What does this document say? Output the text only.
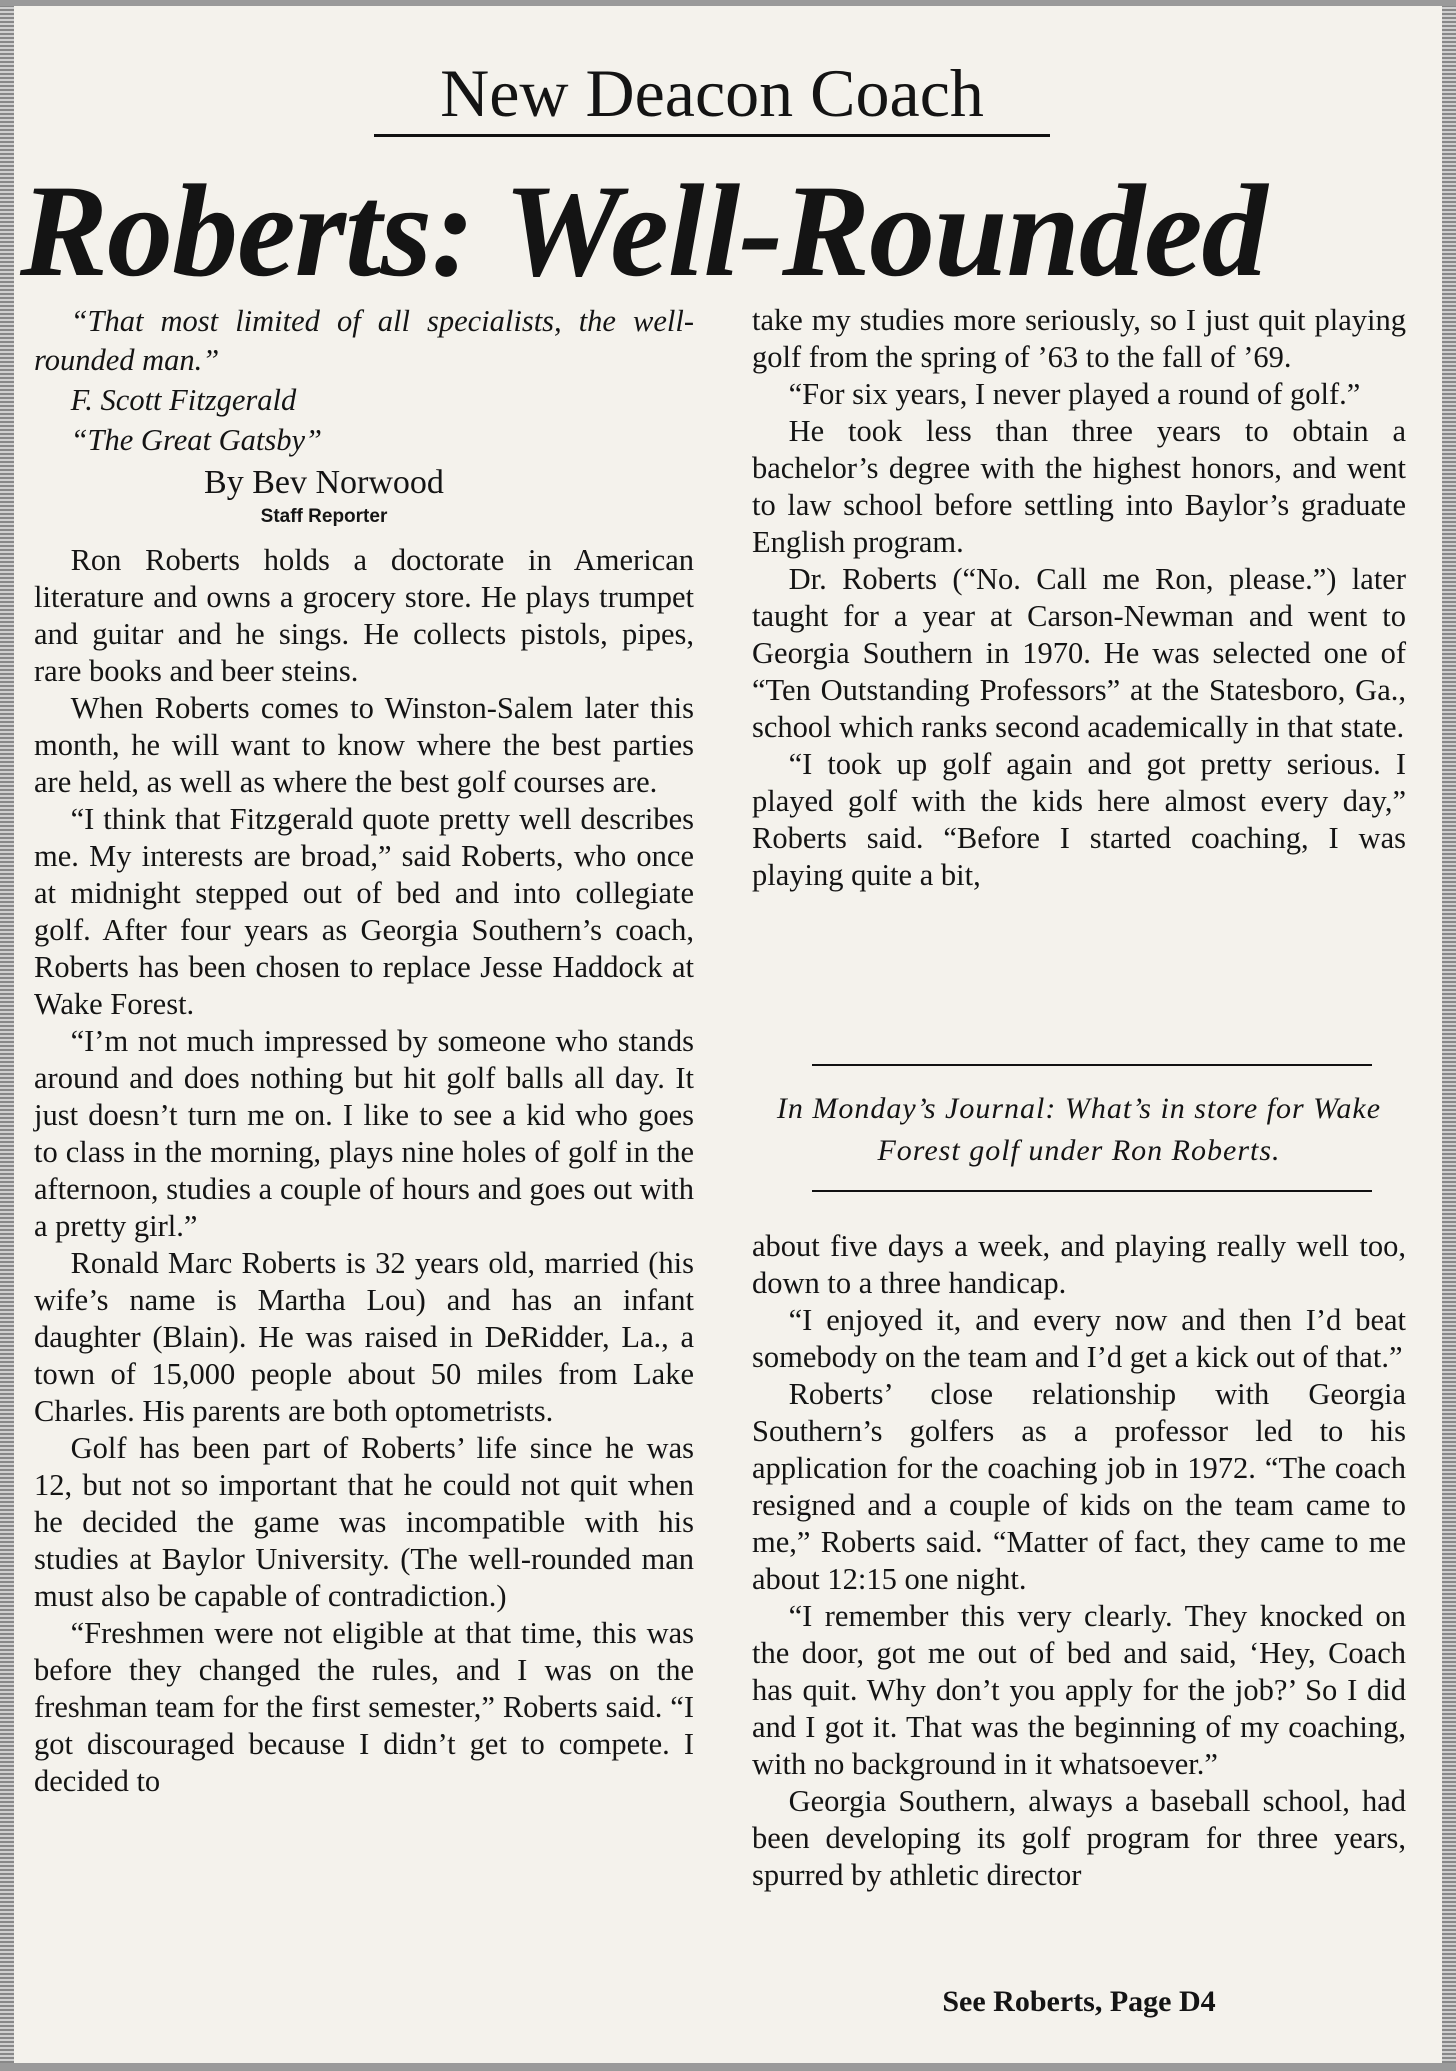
New Deacon Coach
Roberts: Well-Rounded

“That most limited of all specialists, the well-rounded man.”

F. Scott Fitzgerald

“The Great Gatsby”

By Bev Norwood
Staff Reporter

Ron Roberts holds a doctorate in American literature and owns a grocery store. He plays trumpet and guitar and he sings. He collects pistols, pipes, rare books and beer steins.

When Roberts comes to Winston-Salem later this month, he will want to know where the best parties are held, as well as where the best golf courses are.

“I think that Fitzgerald quote pretty well describes me. My interests are broad,” said Roberts, who once at midnight stepped out of bed and into collegiate golf. After four years as Georgia Southern’s coach, Roberts has been chosen to replace Jesse Haddock at Wake Forest.

“I’m not much impressed by someone who stands around and does nothing but hit golf balls all day. It just doesn’t turn me on. I like to see a kid who goes to class in the morning, plays nine holes of golf in the afternoon, studies a couple of hours and goes out with a pretty girl.”

Ronald Marc Roberts is 32 years old, married (his wife’s name is Martha Lou) and has an infant daughter (Blain). He was raised in DeRidder, La., a town of 15,000 people about 50 miles from Lake Charles. His parents are both optometrists.

Golf has been part of Roberts’ life since he was 12, but not so important that he could not quit when he decided the game was incompatible with his studies at Baylor University. (The well-rounded man must also be capable of contradiction.)

“Freshmen were not eligible at that time, this was before they changed the rules, and I was on the freshman team for the first semester,” Roberts said. “I got discouraged because I didn’t get to compete. I decided to

take my studies more seriously, so I just quit playing golf from the spring of ’63 to the fall of ’69.

“For six years, I never played a round of golf.”

He took less than three years to obtain a bachelor’s degree with the highest honors, and went to law school before settling into Baylor’s graduate English program.

Dr. Roberts (“No. Call me Ron, please.”) later taught for a year at Carson-Newman and went to Georgia Southern in 1970. He was selected one of “Ten Outstanding Professors” at the Statesboro, Ga., school which ranks second academically in that state.

“I took up golf again and got pretty serious. I played golf with the kids here almost every day,” Roberts said. “Before I started coaching, I was playing quite a bit,

In Monday’s Journal: What’s in store for Wake Forest golf under Ron Roberts.

about five days a week, and playing really well too, down to a three handicap.

“I enjoyed it, and every now and then I’d beat somebody on the team and I’d get a kick out of that.”

Roberts’ close relationship with Georgia Southern’s golfers as a professor led to his application for the coaching job in 1972. “The coach resigned and a couple of kids on the team came to me,” Roberts said. “Matter of fact, they came to me about 12:15 one night.

“I remember this very clearly. They knocked on the door, got me out of bed and said, ‘Hey, Coach has quit. Why don’t you apply for the job?’ So I did and I got it. That was the beginning of my coaching, with no background in it whatsoever.”

Georgia Southern, always a baseball school, had been developing its golf program for three years, spurred by athletic director

See Roberts, Page D4
